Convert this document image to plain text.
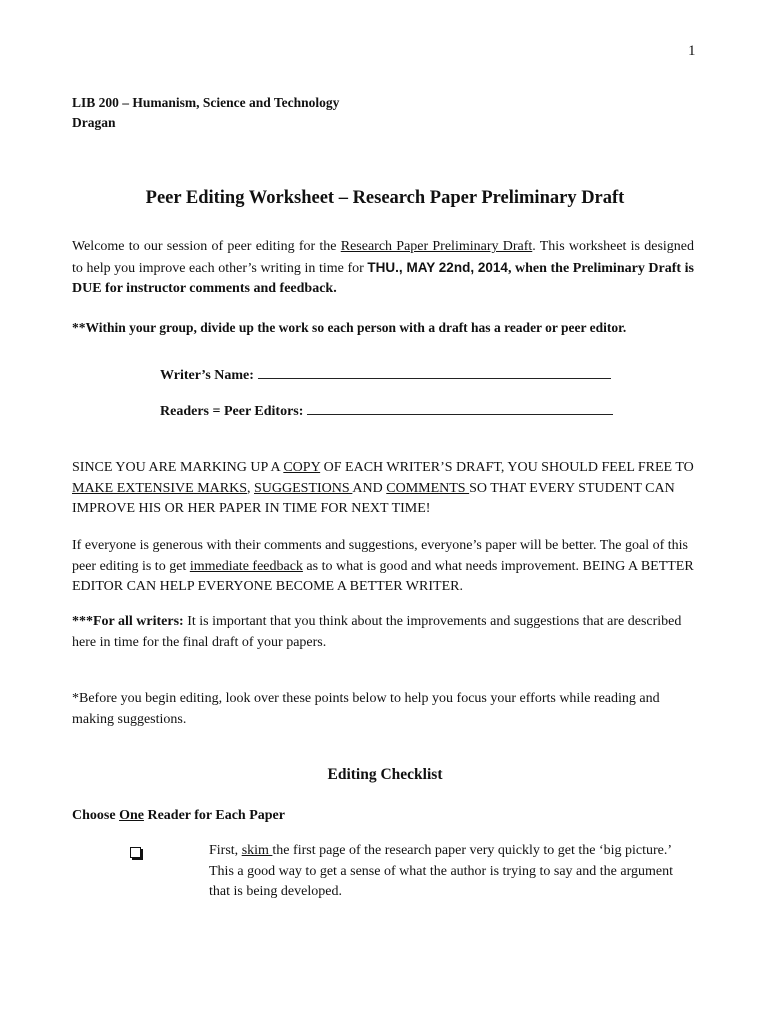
1
LIB 200 – Humanism, Science and Technology
Dragan
Peer Editing Worksheet – Research Paper Preliminary Draft
Welcome to our session of peer editing for the Research Paper Preliminary Draft. This worksheet is designed to help you improve each other’s writing in time for THU., MAY 22nd, 2014, when the Preliminary Draft is DUE for instructor comments and feedback.
**Within your group, divide up the work so each person with a draft has a reader or peer editor.
Writer’s Name:
Readers = Peer Editors:
SINCE YOU ARE MARKING UP A COPY OF EACH WRITER’S DRAFT, YOU SHOULD FEEL FREE TO MAKE EXTENSIVE MARKS, SUGGESTIONS AND COMMENTS SO THAT EVERY STUDENT CAN IMPROVE HIS OR HER PAPER IN TIME FOR NEXT TIME!
If everyone is generous with their comments and suggestions, everyone’s paper will be better. The goal of this peer editing is to get immediate feedback as to what is good and what needs improvement. BEING A BETTER EDITOR CAN HELP EVERYONE BECOME A BETTER WRITER.
***For all writers: It is important that you think about the improvements and suggestions that are described here in time for the final draft of your papers.
*Before you begin editing, look over these points below to help you focus your efforts while reading and making suggestions.
Editing Checklist
Choose One Reader for Each Paper
First, skim the first page of the research paper very quickly to get the ‘big picture.’ This a good way to get a sense of what the author is trying to say and the argument that is being developed.
